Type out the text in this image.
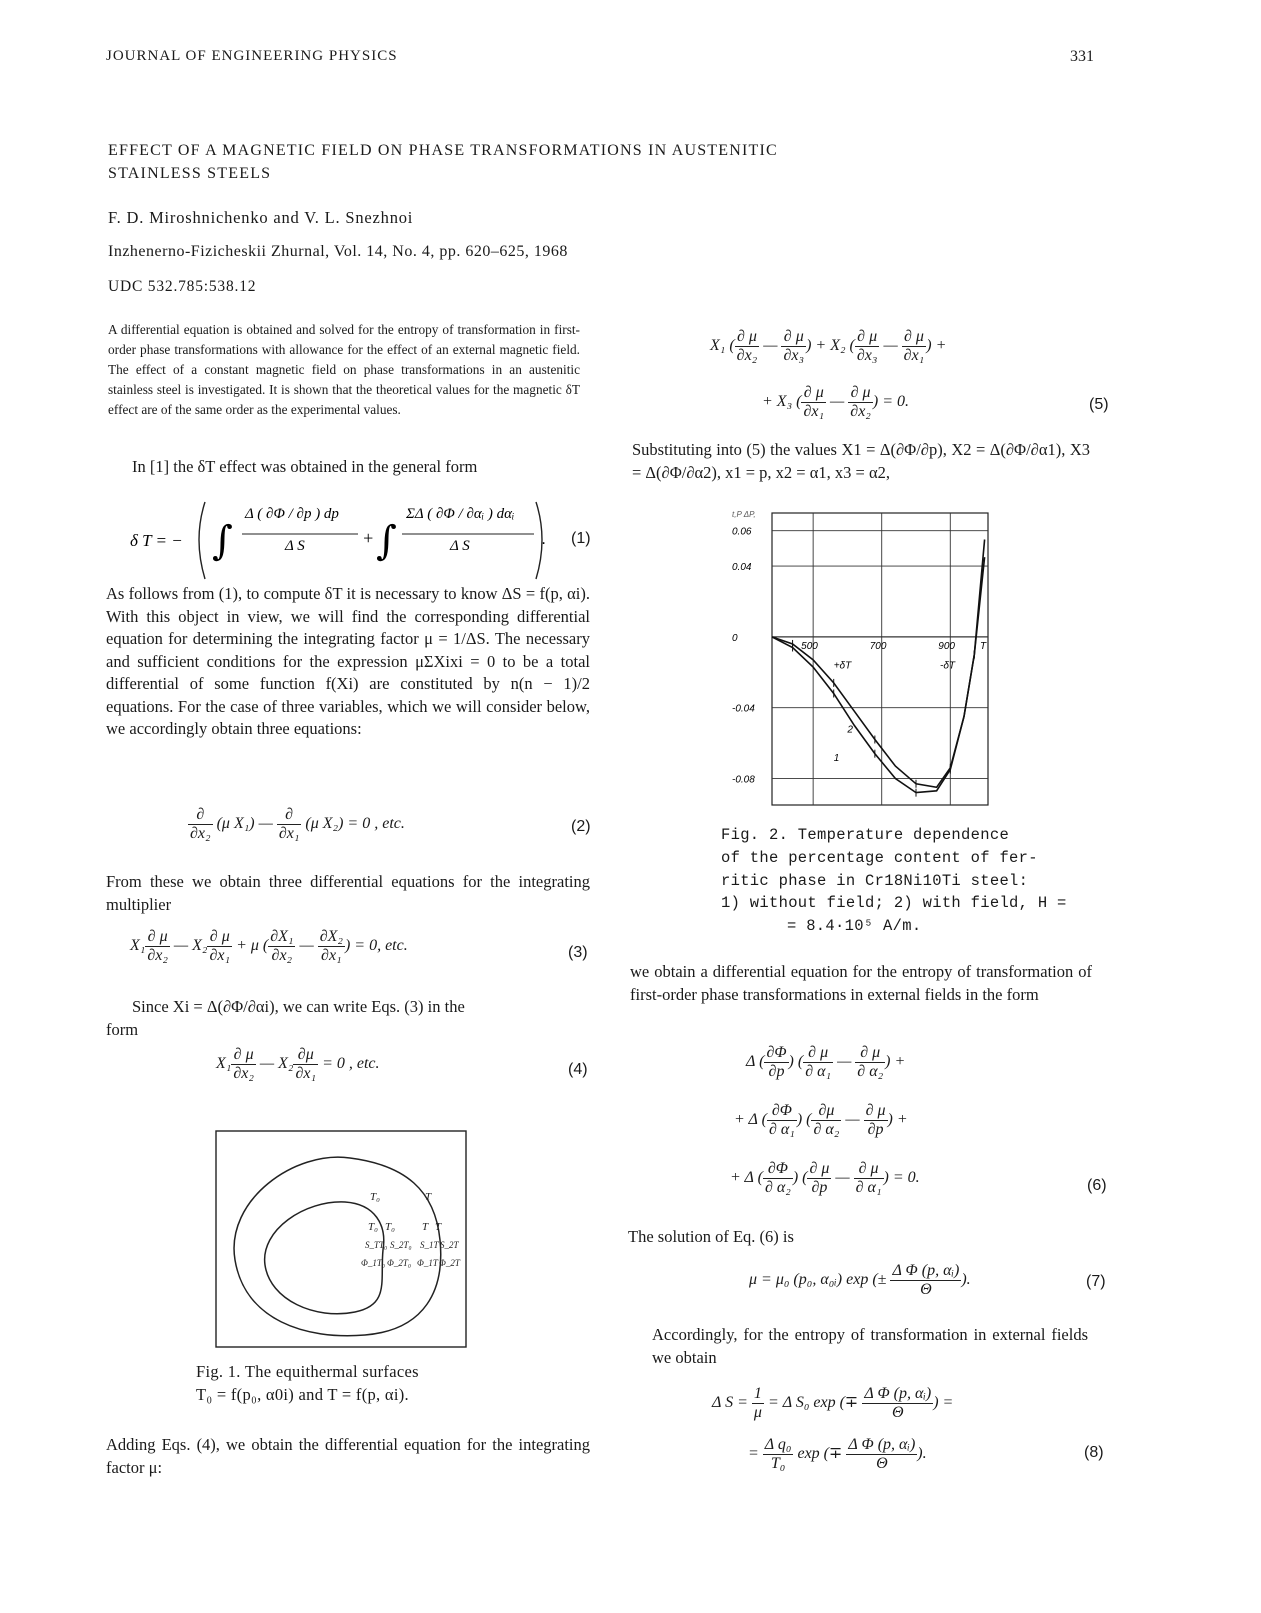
JOURNAL OF ENGINEERING PHYSICS	331
EFFECT OF A MAGNETIC FIELD ON PHASE TRANSFORMATIONS IN AUSTENITIC
STAINLESS STEELS
F. D. Miroshnichenko and V. L. Snezhnoi
Inzhenerno-Fizicheskii Zhurnal, Vol. 14, No. 4, pp. 620–625, 1968
UDC 532.785:538.12
A differential equation is obtained and solved for the entropy of transformation in first-order phase transformations with allowance for the effect of an external magnetic field. The effect of a constant magnetic field on phase transformations in an austenitic stainless steel is investigated. It is shown that the theoretical values for the magnetic δT effect are of the same order as the experimental values.
In [1] the δT effect was obtained in the general form
δ T = − ∫
Δ ( ∂Φ / ∂p ) dp
Δ S	+ ∫
ΣΔ ( ∂Φ / ∂αᵢ ) dαᵢ
Δ S	. (1)
As follows from (1), to compute δT it is necessary to know ΔS = f(p, αi). With this object in view, we will find the corresponding differential equation for determining the integrating factor μ = 1/ΔS. The necessary and sufficient conditions for the expression μΣXixi = 0 to be a total differential of some function f(Xi) are constituted by n(n − 1)/2 equations. For the case of three variables, which we will consider below, we accordingly obtain three equations:
$\frac{\partial}{\text{∂x₂}} (\mu$ X₁) — $\frac{\partial}{\text{∂x₁}} (\mu$ X₂) = 0 , etc.	(2)
From these we obtain three differential equations for the integrating multiplier
$X_1 \frac{\partial \mu}{\text{∂x₂}}$ — $X_2 \frac{\partial \mu}{\text{∂x₁}} + \mu$ ( $\frac{\text{∂X₁}}{\text{∂x₂}}$ — $\frac{\text{∂X₂}}{\text{∂x₁}}$ ) = 0, etc.	(3)
Since Xi = Δ(∂Φ/∂αi), we can write Eqs. (3) in the
form
$X_1 \frac{\partial \mu}{\text{∂x₂}}$ — $X_2 \frac{\partial\mu}{\text{∂x₁}} = 0$ , etc.	(4)
T₀	T
T₀ T₀ T T
S_TT₀ S_2T₀ S_1T S_2T
Φ_1T₀ Φ_2T₀ Φ_1T Φ_2T
Fig. 1. The equithermal surfaces
T₀ = f(p₀, α0i) and T = f(p, αi).
Adding Eqs. (4), we obtain the differential equation for the integrating factor μ:
X₁ ( $\frac{\partial \mu}{\text{∂x₂}}$ — $\frac{\partial \mu}{\text{∂x₃}}$ ) + X₂ ( $\frac{\partial \mu}{\text{∂x₃}}$ — $\frac{\partial \mu}{\text{∂x₁}}$ ) +
+ X₃ ( $\frac{\partial \mu}{\text{∂x₁}}$ — $\frac{\partial \mu}{\text{∂x₂}}$ ) = 0.	(5)
Substituting into (5) the values X1 = Δ(∂Φ/∂p), X2 = Δ(∂Φ/∂α1), X3 = Δ(∂Φ/∂α2), x1 = p, x2 = α1, x3 = α2,
500	700	900
0.06
0.04
0
-0.04
-0.08
t,P ΔP,
T
+δT	-δT
2
1
Fig. 2. Temperature dependence
of the percentage content of fer-
ritic phase in Cr18Ni10Ti steel:
1) without field; 2) with field, H =
= 8.4·10⁵ A/m.
we obtain a differential equation for the entropy of transformation of first-order phase transformations in external fields in the form
Δ ( $\frac{\partial\Phi}{\partial p}$ ) ( $\frac{\partial \mu}{\text{∂ α₁}}$ — $\frac{\partial \mu}{\text{∂ α₂}}$ ) +
+ Δ ( $\frac{\partial\Phi}{\text{∂ α₁}}$ ) ( $\frac{\partial\mu}{\text{∂ α₂}}$ — $\frac{\partial \mu}{\partial p}$ ) +
+ Δ ( $\frac{\partial\Phi}{\text{∂ α₂}}$ ) ( $\frac{\partial \mu}{\partial p}$ — $\frac{\partial \mu}{\text{∂ α₁}}$ ) = 0.	(6)
The solution of Eq. (6) is
μ = μ₀ (p₀, α₀ᵢ) exp (± $\frac{\text{Δ Φ (p, αᵢ)}}{\Theta}$ ).	(7)
Accordingly, for the entropy of transformation in external fields we obtain
Δ $S = \frac{1}{\mu} = \Delta$ S₀ exp (∓ $\frac{\text{Δ Φ (p, αᵢ)}}{\Theta}$ ) =
= $\frac{\text{Δ q₀}}{\text{T₀}}$ exp (∓ $\frac{\text{Δ Φ (p, αᵢ)}}{\Theta}$ ).	(8)
